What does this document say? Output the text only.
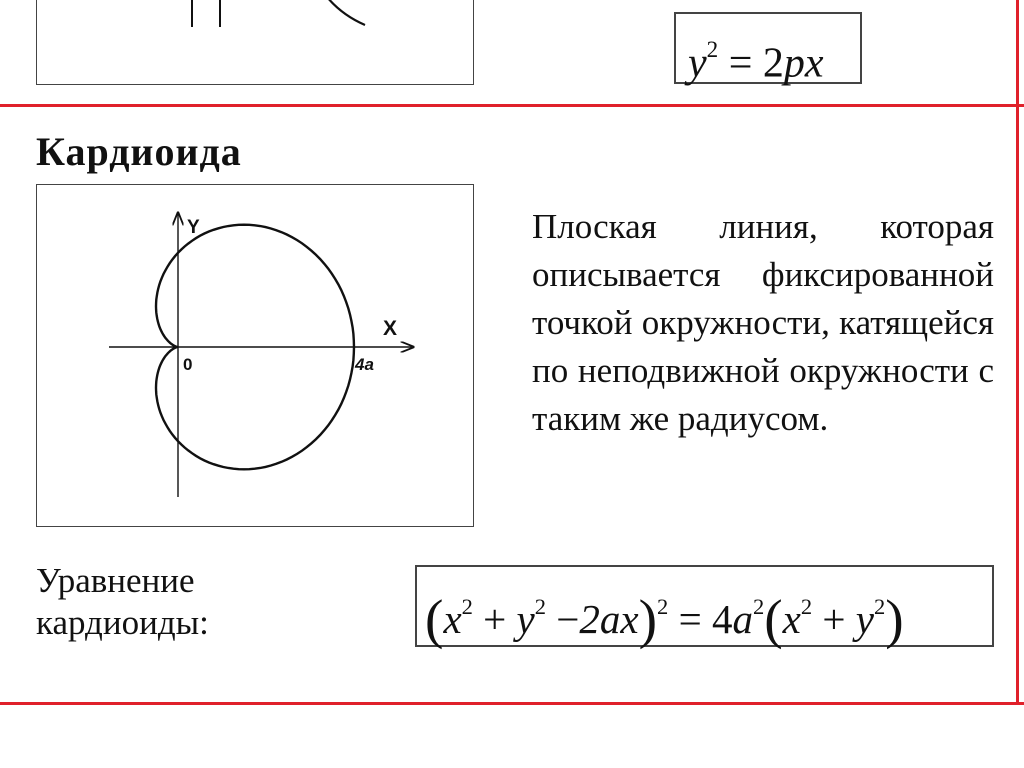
$y^2 = 2px$
Кардиоида
Y
X
0	4a
Плоская линия, которая описывается фиксированной точкой окружности, катящейся по неподвижной окружности с таким же радиусом.
Уравнение
кардиоиды:	$(x^2 + y^2 -2ax)^2 = 4a^2(x^2 + y^2)$
